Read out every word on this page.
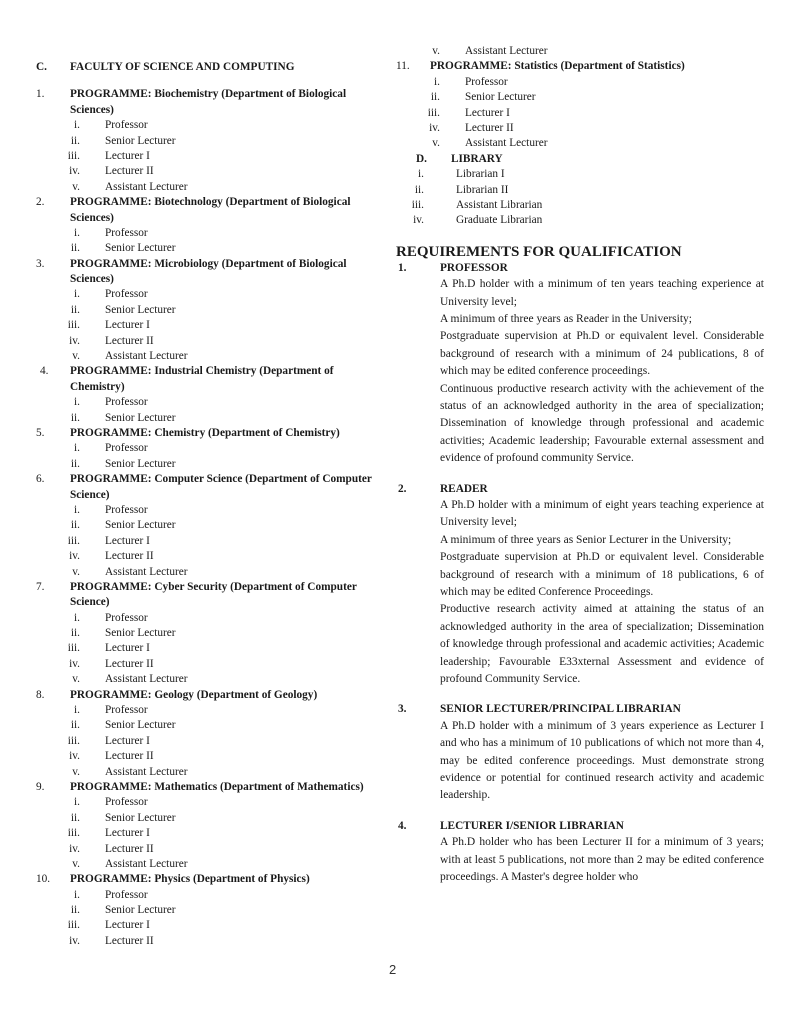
C. FACULTY OF SCIENCE AND COMPUTING
1. PROGRAMME: Biochemistry (Department of Biological
Sciences)
i. Professor
ii. Senior Lecturer
iii. Lecturer I
iv. Lecturer II
v. Assistant Lecturer
2. PROGRAMME: Biotechnology (Department of Biological
Sciences)
i. Professor
ii. Senior Lecturer
3. PROGRAMME: Microbiology (Department of Biological
Sciences)
i. Professor
ii. Senior Lecturer
iii. Lecturer I
iv. Lecturer II
v. Assistant Lecturer
4. PROGRAMME: Industrial Chemistry (Department of
Chemistry)
i. Professor
ii. Senior Lecturer
5. PROGRAMME: Chemistry (Department of Chemistry)
i. Professor
ii. Senior Lecturer
6. PROGRAMME: Computer Science (Department of Computer
Science)
i. Professor
ii. Senior Lecturer
iii. Lecturer I
iv. Lecturer II
v. Assistant Lecturer
7. PROGRAMME: Cyber Security (Department of Computer
Science)
i. Professor
ii. Senior Lecturer
iii. Lecturer I
iv. Lecturer II
v. Assistant Lecturer
8. PROGRAMME: Geology (Department of Geology)
i. Professor
ii. Senior Lecturer
iii. Lecturer I
iv. Lecturer II
v. Assistant Lecturer
9. PROGRAMME: Mathematics (Department of Mathematics)
i. Professor
ii. Senior Lecturer
iii. Lecturer I
iv. Lecturer II
v. Assistant Lecturer
10. PROGRAMME: Physics (Department of Physics)
i. Professor
ii. Senior Lecturer
iii. Lecturer I
iv. Lecturer II
v. Assistant Lecturer
11. PROGRAMME: Statistics (Department of Statistics)
i. Professor
ii. Senior Lecturer
iii. Lecturer I
iv. Lecturer II
v. Assistant Lecturer
D. LIBRARY
i.	Librarian I
ii.	Librarian II
iii.	Assistant Librarian
iv.	Graduate Librarian
REQUIREMENTS FOR QUALIFICATION
1.	PROFESSOR
A Ph.D holder with a minimum of ten years teaching experience at University level;
A minimum of three years as Reader in the University;
Postgraduate supervision at Ph.D or equivalent level. Considerable background of research with a minimum of 24 publications, 8 of which may be edited conference proceedings.
Continuous productive research activity with the achievement of the status of an acknowledged authority in the area of specialization; Dissemination of knowledge through professional and academic activities; Academic leadership; Favourable external assessment and evidence of profound community Service.
2.	READER
A Ph.D holder with a minimum of eight years teaching experience at University level;
A minimum of three years as Senior Lecturer in the University;
Postgraduate supervision at Ph.D or equivalent level. Considerable background of research with a minimum of 18 publications, 6 of which may be edited Conference Proceedings.
Productive research activity aimed at attaining the status of an acknowledged authority in the area of specialization; Dissemination of knowledge through professional and academic activities; Academic leadership; Favourable E33xternal Assessment and evidence of profound Community Service.
3.	SENIOR LECTURER/PRINCIPAL LIBRARIAN
A Ph.D holder with a minimum of 3 years experience as Lecturer I and who has a minimum of 10 publications of which not more than 4, may be edited conference proceedings. Must demonstrate strong evidence or potential for continued research activity and academic leadership.
4.	LECTURER I/SENIOR LIBRARIAN
A Ph.D holder who has been Lecturer II for a minimum of 3 years; with at least 5 publications, not more than 2 may be edited conference proceedings. A Master's degree holder who
2
